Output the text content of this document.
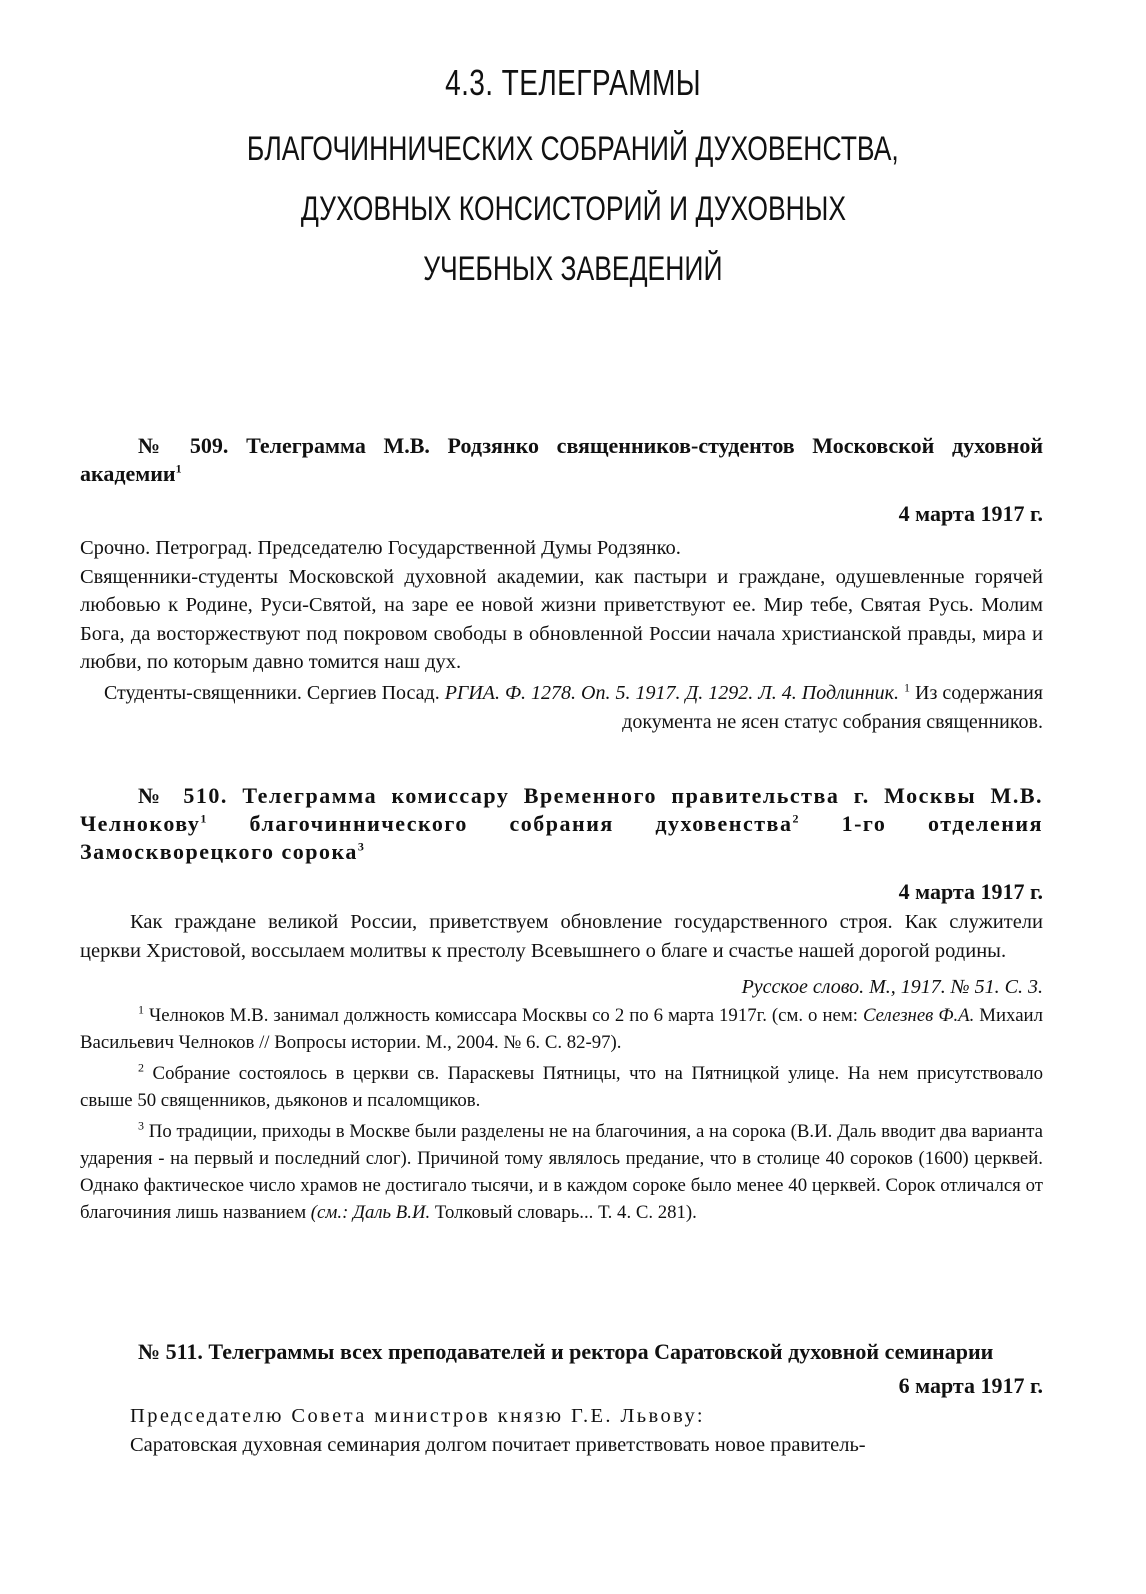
4.3. ТЕЛЕГРАММЫ
БЛАГОЧИННИЧЕСКИХ СОБРАНИЙ ДУХОВЕНСТВА,
ДУХОВНЫХ КОНСИСТОРИЙ И ДУХОВНЫХ
УЧЕБНЫХ ЗАВЕДЕНИЙ
№ 509. Телеграмма М.В. Родзянко священников-студентов Московской духовной академии$^1$
4 марта 1917 г.
Срочно. Петроград. Председателю Государственной Думы Родзянко.
Священники-студенты Московской духовной академии, как пастыри и граждане, одушевленные горячей любовью к Родине, Руси-Святой, на заре ее новой жизни приветствуют ее. Мир тебе, Святая Русь. Молим Бога, да восторжествуют под покровом свободы в обновленной России начала христианской правды, мира и любви, по которым давно томится наш дух.
Студенты-священники. Сергиев Посад. РГИА. Ф. 1278. Оп. 5. 1917. Д. 1292. Л. 4. Подлинник. $^1$ Из содержания документа не ясен статус собрания священников.
№ 510. Телеграмма комиссару Временного правительства г. Москвы М.В. Челнокову$^1$ благочиннического собрания духовенства$^2$ 1-го отделения Замоскворецкого сорока$^3$
4 марта 1917 г.
Как граждане великой России, приветствуем обновление государственного строя. Как служители церкви Христовой, воссылаем молитвы к престолу Всевышнего о благе и счастье нашей дорогой родины.
Русское слово. М., 1917. № 51. С. 3.
$^1$ Челноков М.В. занимал должность комиссара Москвы со 2 по 6 марта 1917г. (см. о нем: Селезнев Ф.А. Михаил Васильевич Челноков // Вопросы истории. М., 2004. № 6. С. 82-97).
$^2$ Собрание состоялось в церкви св. Параскевы Пятницы, что на Пятницкой улице. На нем присутствовало свыше 50 священников, дьяконов и псаломщиков.
$^3$ По традиции, приходы в Москве были разделены не на благочиния, а на сорока (В.И. Даль вводит два варианта ударения - на первый и последний слог). Причиной тому являлось предание, что в столице 40 сороков (1600) церквей. Однако фактическое число храмов не достигало тысячи, и в каждом сороке было менее 40 церквей. Сорок отличался от благочиния лишь названием (см.: Даль В.И. Толковый словарь... Т. 4. С. 281).
№ 511. Телеграммы всех преподавателей и ректора Саратовской духовной семинарии
6 марта 1917 г.
Председателю Совета министров князю Г.Е. Львову:
Саратовская духовная семинария долгом почитает приветствовать новое правитель-
